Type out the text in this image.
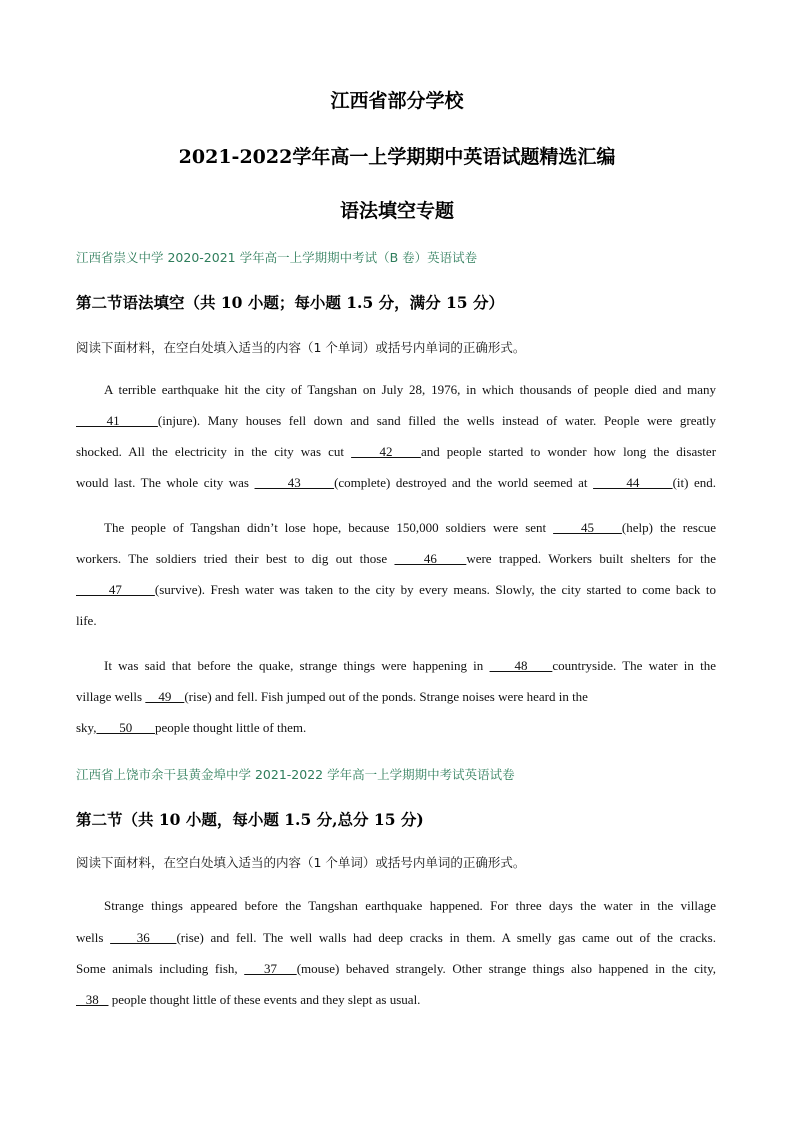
江西省部分学校
2021-2022学年高一上学期期中英语试题精选汇编
语法填空专题
江西省崇义中学 2020-2021 学年高一上学期期中考试（B 卷）英语试卷
第二节语法填空（共 10 小题；每小题 1.5 分，满分 15 分）
阅读下面材料，在空白处填入适当的内容（1 个单词）或括号内单词的正确形式。
A terrible earthquake hit the city of Tangshan on July 28, 1976, in which thousands of people died and many
41     (injure). Many houses fell down and sand filled the wells instead of water. People were greatly
shocked. All the electricity in the city was cut     42    and people started to wonder how long the disaster
would last. The whole city was       43      (complete) destroyed and the world seemed at       44      (it) end.
The people of Tangshan didn’t lose hope, because 150,000 soldiers were sent     45    (help) the rescue
workers. The soldiers tried their best to dig out those     46    were trapped. Workers built shelters for the
47      (survive). Fresh water was taken to the city by every means. Slowly, the city started to come back to
life.
It was said that before the quake, strange things were happening in     48    countryside. The water in the
village wells     49    (rise) and fell. Fish jumped out of the ponds. Strange noises were heard in the
sky,       50       people thought little of them.
江西省上饶市余干县黄金埠中学 2021-2022 学年高一上学期期中考试英语试卷
第二节（共 10 小题，每小题 1.5 分,总分 15 分)
阅读下面材料，在空白处填入适当的内容（1 个单词）或括号内单词的正确形式。
Strange things appeared before the Tangshan earthquake happened. For three days the water in the village
wells     36    (rise) and fell. The well walls had deep cracks in them. A smelly gas came out of the cracks.
Some animals including fish,    37   (mouse) behaved strangely. Other strange things also happened in the city,
38    people thought little of these events and they slept as usual.
